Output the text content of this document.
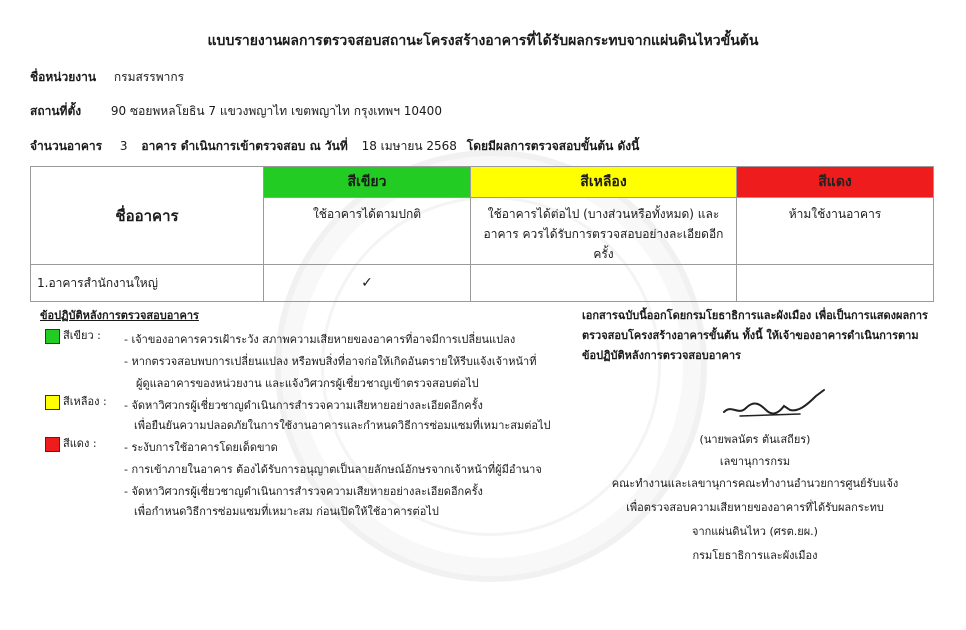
แบบรายงานผลการตรวจสอบสถานะโครงสร้างอาคารที่ได้รับผลกระทบจากแผ่นดินไหวขั้นต้น
ชื่อหน่วยงาน กรมสรรพากร
สถานที่ตั้ง 90 ซอยพหลโยธิน 7 แขวงพญาไท เขตพญาไท กรุงเทพฯ 10400
จำนวนอาคาร 3 อาคาร ดำเนินการเข้าตรวจสอบ ณ วันที่ 18 เมษายน 2568 โดยมีผลการตรวจสอบขั้นต้น ดังนี้
ชื่ออาคาร	สีเขียว	สีเหลือง	สีแดง
	ใช้อาคารได้ตามปกติ	ใช้อาคารได้ต่อไป (บางส่วนหรือทั้งหมด) และอาคาร ควรได้รับการตรวจสอบอย่างละเอียดอีกครั้ง	ห้ามใช้งานอาคาร
1.อาคารสำนักงานใหญ่	✓		
ข้อปฏิบัติหลังการตรวจสอบอาคาร
สีเขียว : - เจ้าของอาคารควรเฝ้าระวัง สภาพความเสียหายของอาคารที่อาจมีการเปลี่ยนแปลง
- หากตรวจสอบพบการเปลี่ยนแปลง หรือพบสิ่งที่อาจก่อให้เกิดอันตรายให้รีบแจ้งเจ้าหน้าที่
ผู้ดูแลอาคารของหน่วยงาน และแจ้งวิศวกรผู้เชี่ยวชาญเข้าตรวจสอบต่อไป
สีเหลือง : - จัดหาวิศวกรผู้เชี่ยวชาญดำเนินการสำรวจความเสียหายอย่างละเอียดอีกครั้ง
เพื่อยืนยันความปลอดภัยในการใช้งานอาคารและกำหนดวิธีการซ่อมแซมที่เหมาะสมต่อไป
สีแดง : - ระงับการใช้อาคารโดยเด็ดขาด
- การเข้าภายในอาคาร ต้องได้รับการอนุญาตเป็นลายลักษณ์อักษรจากเจ้าหน้าที่ผู้มีอำนาจ
- จัดหาวิศวกรผู้เชี่ยวชาญดำเนินการสำรวจความเสียหายอย่างละเอียดอีกครั้ง
เพื่อกำหนดวิธีการซ่อมแซมที่เหมาะสม ก่อนเปิดให้ใช้อาคารต่อไป
เอกสารฉบับนี้ออกโดยกรมโยธาธิการและผังเมือง เพื่อเป็นการแสดงผลการตรวจสอบโครงสร้างอาคารขั้นต้น ทั้งนี้ ให้เจ้าของอาคารดำเนินการตามข้อปฏิบัติหลังการตรวจสอบอาคาร
(นายพลนัตร ตันเสถียร)
เลขานุการกรม
คณะทำงานและเลขานุการคณะทำงานอำนวยการศูนย์รับแจ้ง
เพื่อตรวจสอบความเสียหายของอาคารที่ได้รับผลกระทบ
จากแผ่นดินไหว (ศรต.ยผ.)
กรมโยธาธิการและผังเมือง
